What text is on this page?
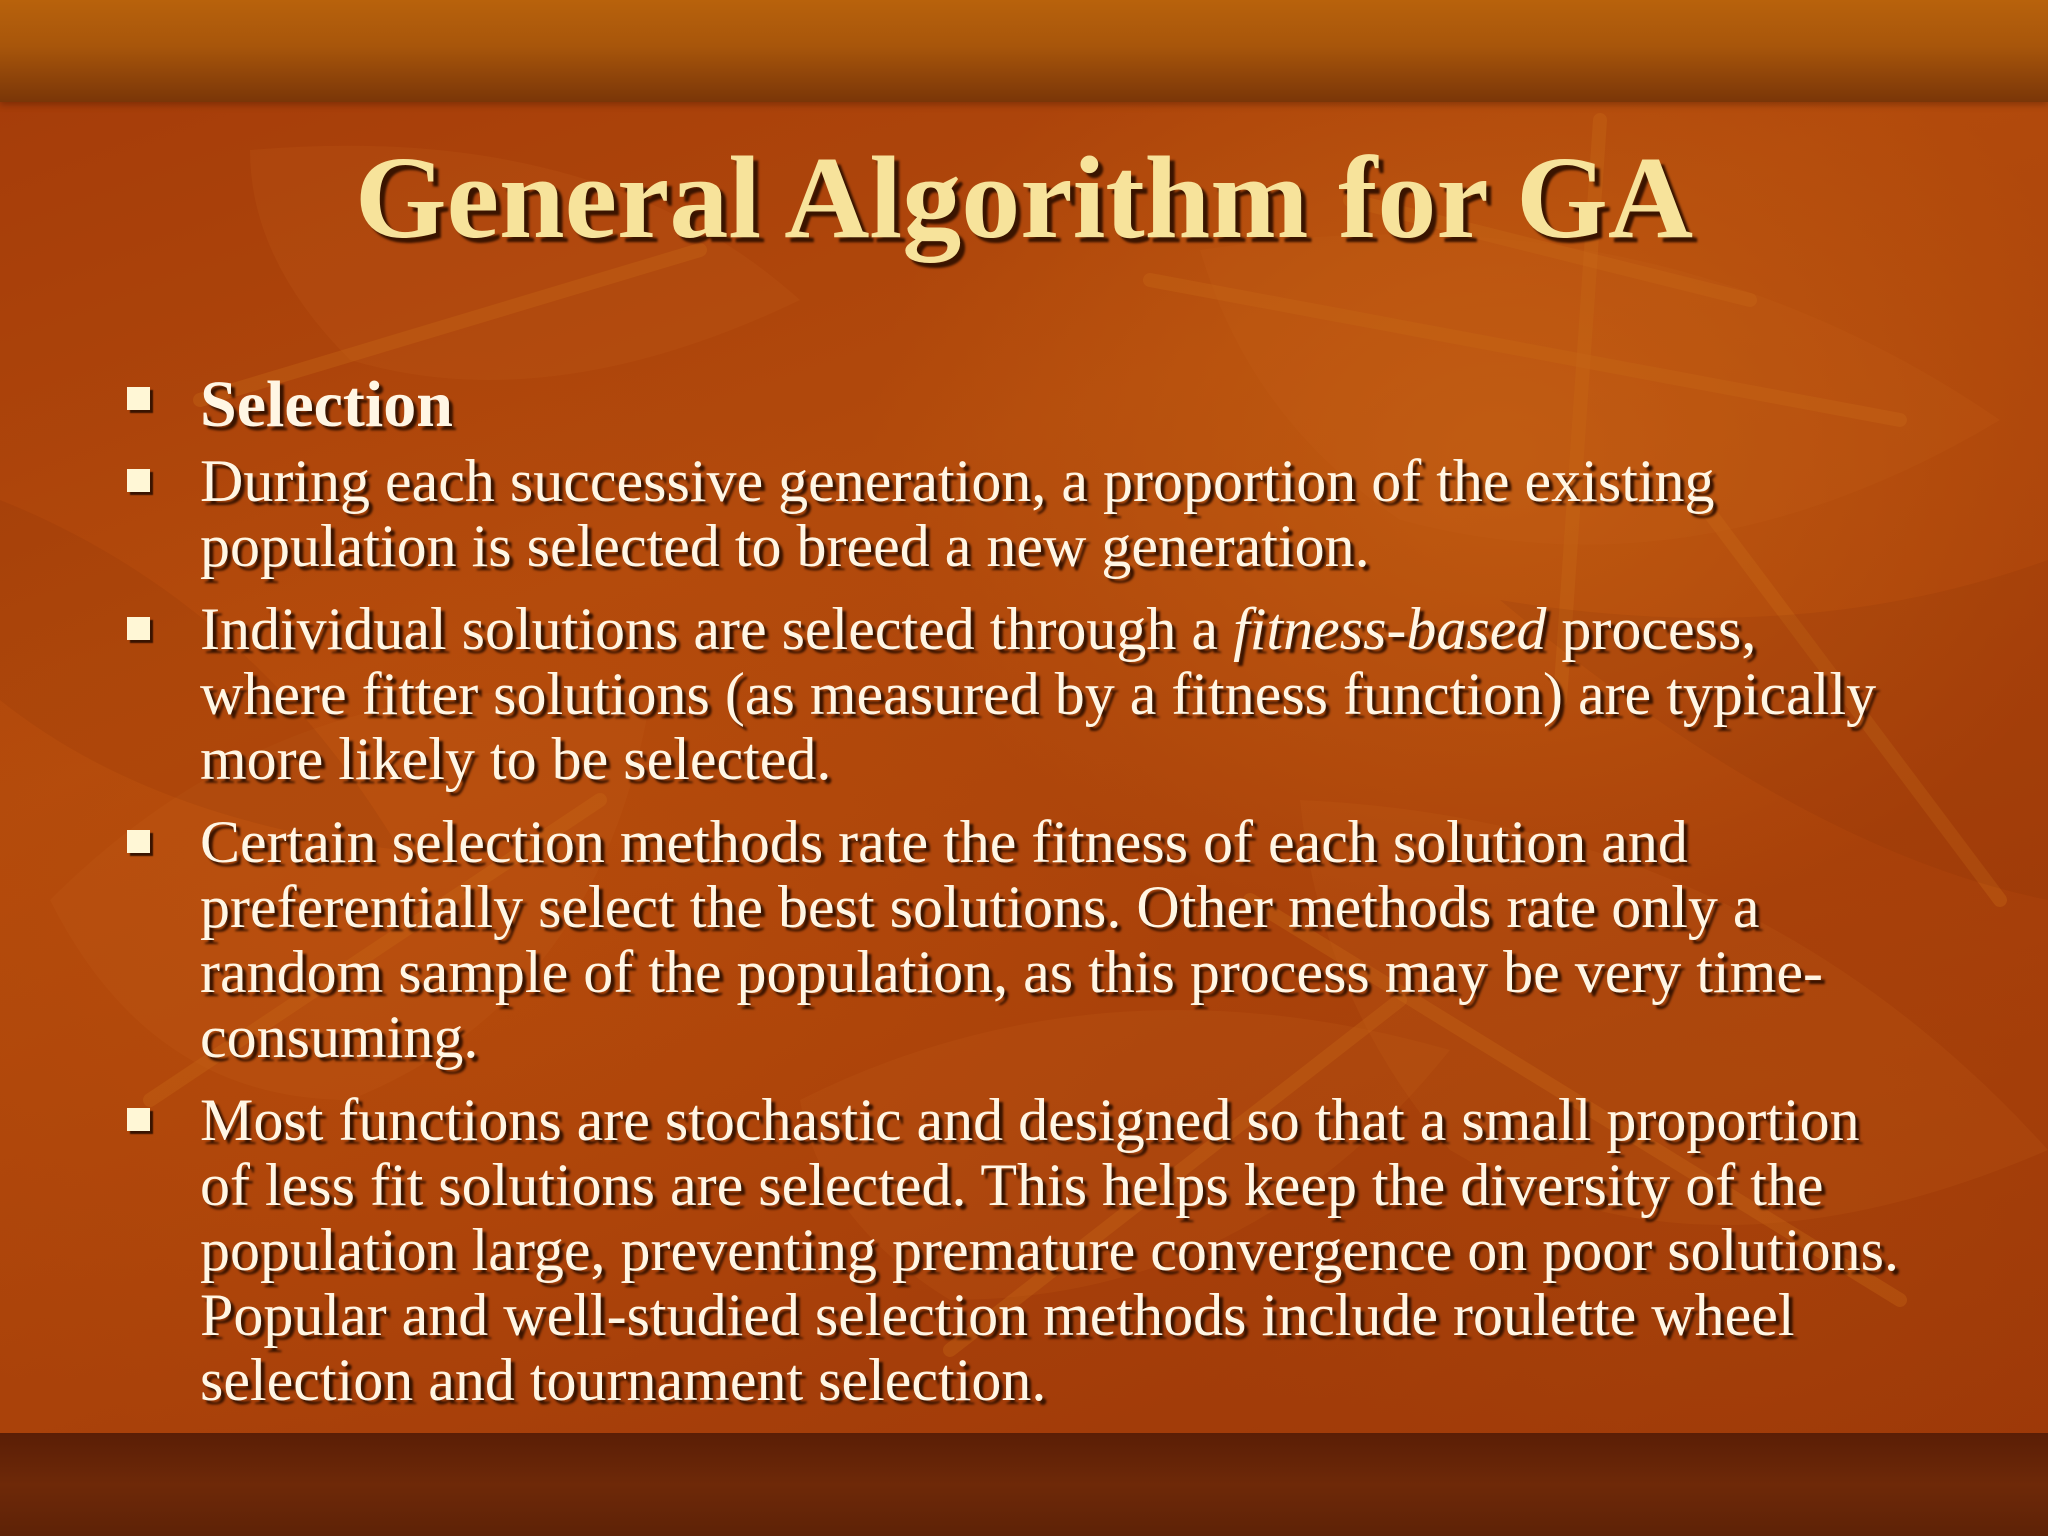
General Algorithm for GA
Selection
During each successive generation, a proportion of the existing population is selected to breed a new generation.
Individual solutions are selected through a fitness-based process, where fitter solutions (as measured by a fitness function) are typically more likely to be selected.
Certain selection methods rate the fitness of each solution and preferentially select the best solutions. Other methods rate only a random sample of the population, as this process may be very time-consuming.
Most functions are stochastic and designed so that a small proportion of less fit solutions are selected. This helps keep the diversity of the population large, preventing premature convergence on poor solutions. Popular and well-studied selection methods include roulette wheel selection and tournament selection.
